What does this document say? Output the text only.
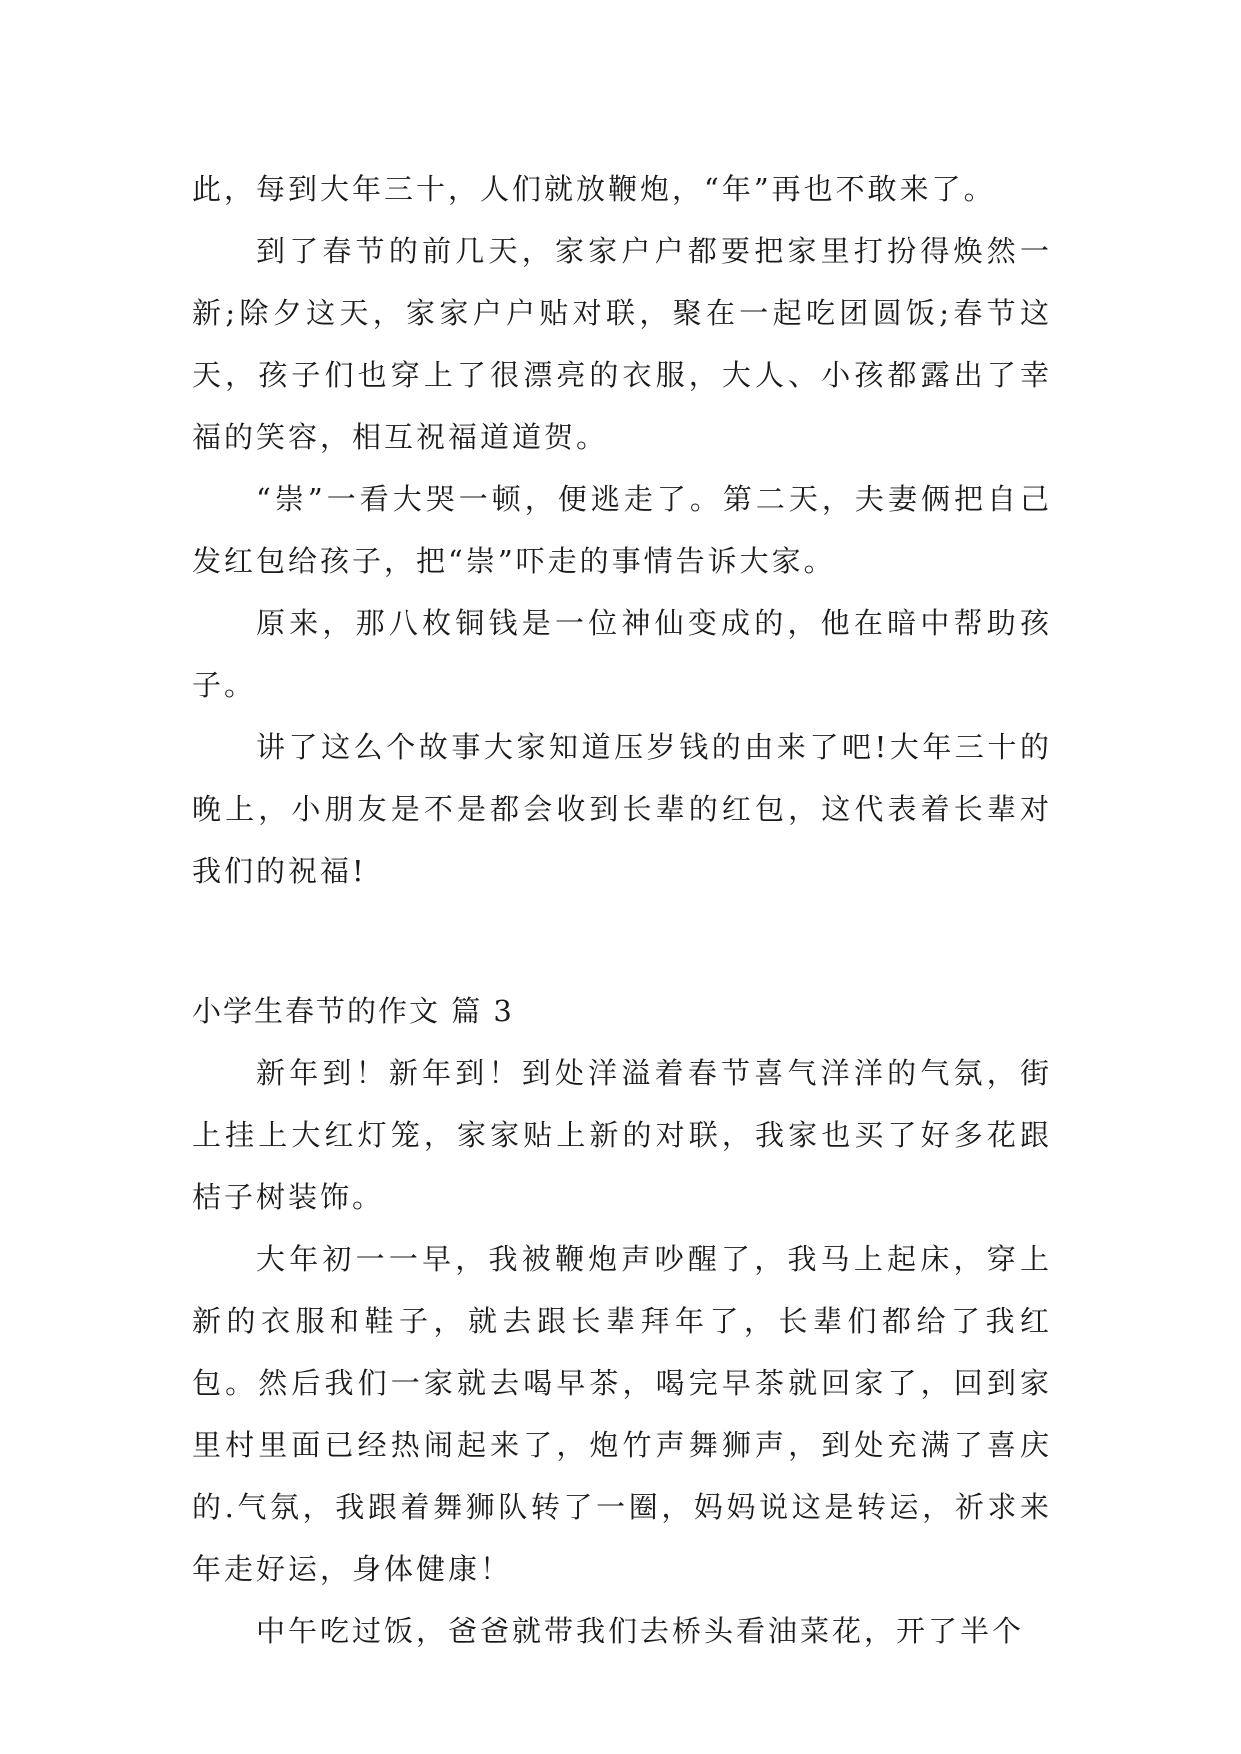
此，每到大年三十，人们就放鞭炮，“年”再也不敢来了。

到了春节的前几天，家家户户都要把家里打扮得焕然一新;除夕这天，家家户户贴对联，聚在一起吃团圆饭;春节这天，孩子们也穿上了很漂亮的衣服，大人、小孩都露出了幸福的笑容，相互祝福道道贺。

“崇”一看大哭一顿，便逃走了。第二天，夫妻俩把自己发红包给孩子，把“崇”吓走的事情告诉大家。

原来，那八枚铜钱是一位神仙变成的，他在暗中帮助孩子。

讲了这么个故事大家知道压岁钱的由来了吧!大年三十的晚上，小朋友是不是都会收到长辈的红包，这代表着长辈对我们的祝福!

小学生春节的作文 篇 3

新年到！新年到！到处洋溢着春节喜气洋洋的气氛，街上挂上大红灯笼，家家贴上新的对联，我家也买了好多花跟桔子树装饰。

大年初一一早，我被鞭炮声吵醒了，我马上起床，穿上新的衣服和鞋子，就去跟长辈拜年了，长辈们都给了我红包。然后我们一家就去喝早茶，喝完早茶就回家了，回到家里村里面已经热闹起来了，炮竹声舞狮声，到处充满了喜庆的.气氛，我跟着舞狮队转了一圈，妈妈说这是转运，祈求来年走好运，身体健康！

中午吃过饭，爸爸就带我们去桥头看油菜花，开了半个
